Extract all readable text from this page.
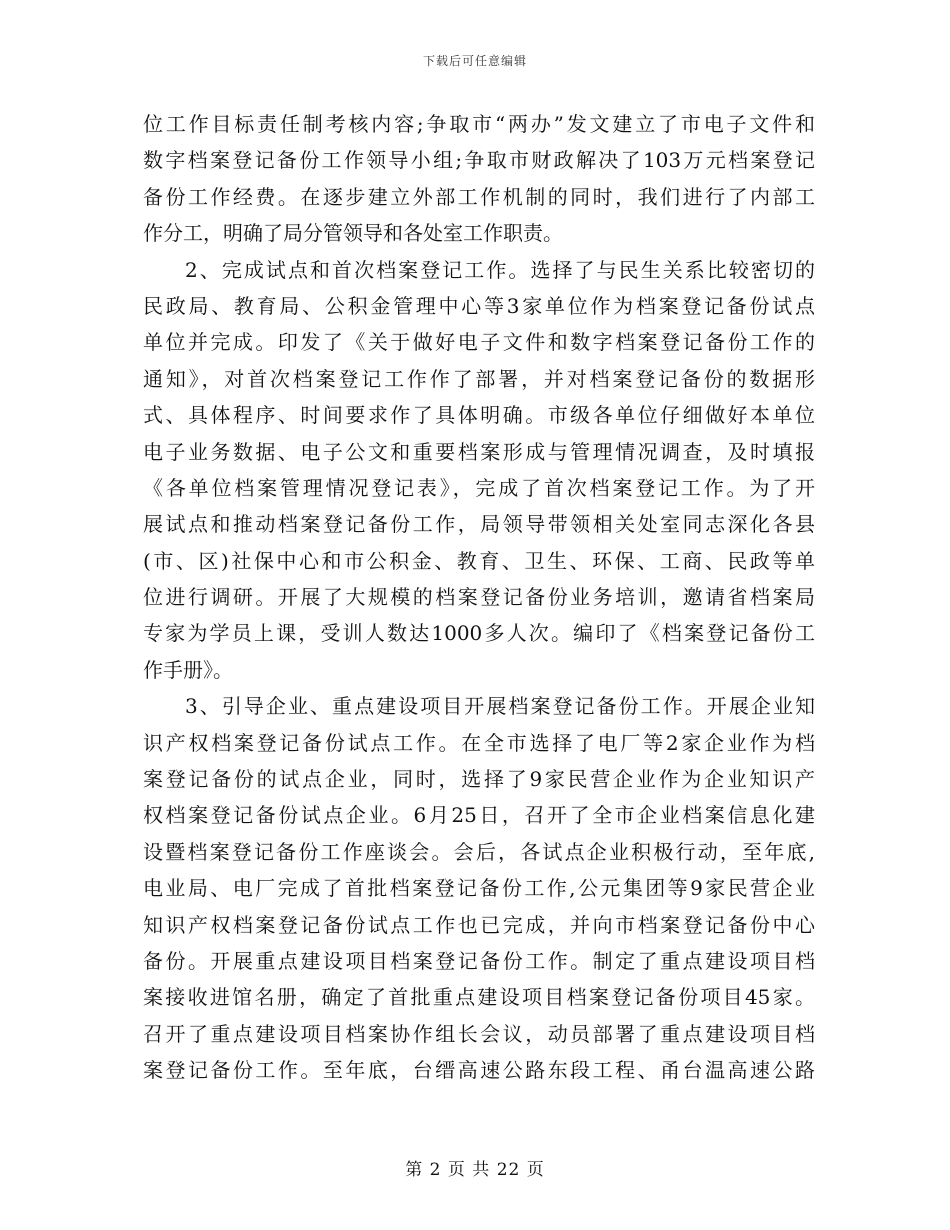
下载后可任意编辑
位工作目标责任制考核内容;争取市“两办”发文建立了市电子文件和
数字档案登记备份工作领导小组;争取市财政解决了103万元档案登记
备份工作经费。在逐步建立外部工作机制的同时，我们进行了内部工
作分工，明确了局分管领导和各处室工作职责。
2、完成试点和首次档案登记工作。选择了与民生关系比较密切的
民政局、教育局、公积金管理中心等3家单位作为档案登记备份试点
单位并完成。印发了《关于做好电子文件和数字档案登记备份工作的
通知》，对首次档案登记工作作了部署，并对档案登记备份的数据形
式、具体程序、时间要求作了具体明确。市级各单位仔细做好本单位
电子业务数据、电子公文和重要档案形成与管理情况调查，及时填报
《各单位档案管理情况登记表》，完成了首次档案登记工作。为了开
展试点和推动档案登记备份工作，局领导带领相关处室同志深化各县
(市、区)社保中心和市公积金、教育、卫生、环保、工商、民政等单
位进行调研。开展了大规模的档案登记备份业务培训，邀请省档案局
专家为学员上课，受训人数达1000多人次。编印了《档案登记备份工
作手册》。
3、引导企业、重点建设项目开展档案登记备份工作。开展企业知
识产权档案登记备份试点工作。在全市选择了电厂等2家企业作为档
案登记备份的试点企业，同时，选择了9家民营企业作为企业知识产
权档案登记备份试点企业。6月25日，召开了全市企业档案信息化建
设暨档案登记备份工作座谈会。会后，各试点企业积极行动，至年底,
电业局、电厂完成了首批档案登记备份工作,公元集团等9家民营企业
知识产权档案登记备份试点工作也已完成，并向市档案登记备份中心
备份。开展重点建设项目档案登记备份工作。制定了重点建设项目档
案接收进馆名册，确定了首批重点建设项目档案登记备份项目45家。
召开了重点建设项目档案协作组长会议，动员部署了重点建设项目档
案登记备份工作。至年底，台缙高速公路东段工程、甬台温高速公路
第 2 页 共 22 页
